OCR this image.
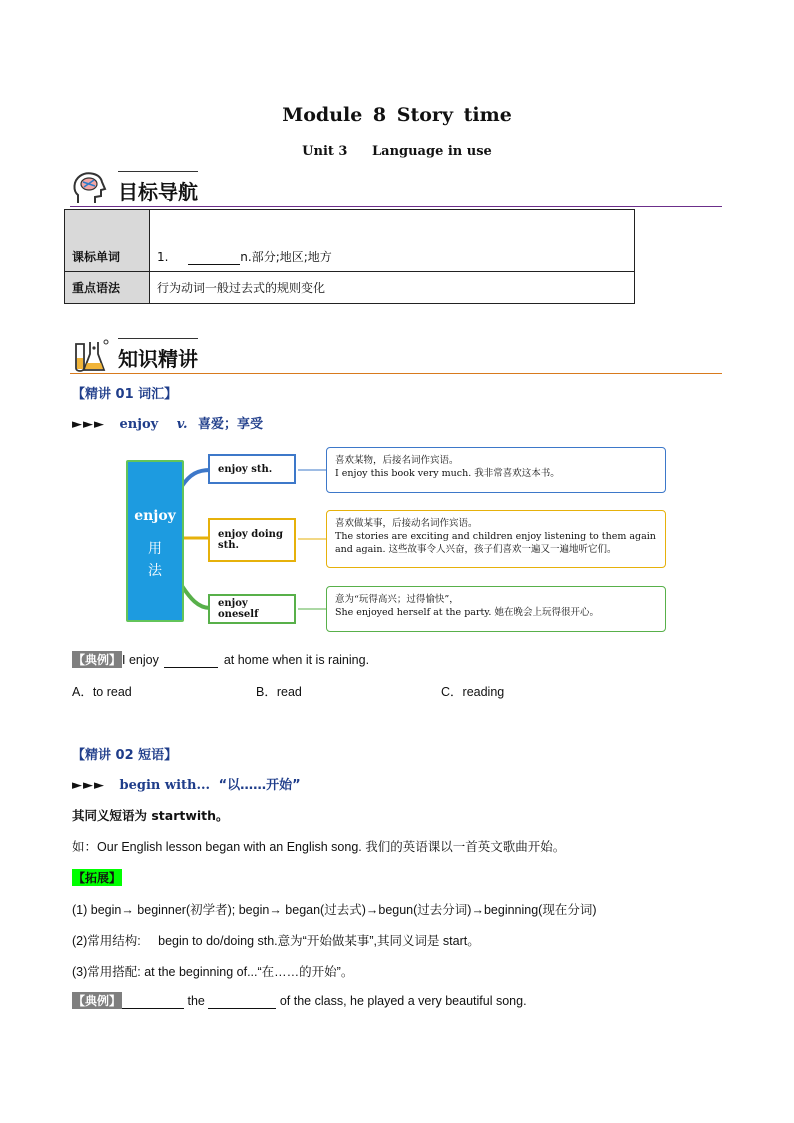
Module 8 Story time
Unit 3 Language in use
目标导航
课标单词	1. n.部分;地区;地方
重点语法	行为动词一般过去式的规则变化
知识精讲
【精讲 01 词汇】
►►► enjoy v. 喜爱；享受
enjoy
用
法
enjoy sth.
enjoy doing sth.
enjoy oneself
喜欢某物，后接名词作宾语。
I enjoy this book very much. 我非常喜欢这本书。
喜欢做某事，后接动名词作宾语。
The stories are exciting and children enjoy listening to them again and again. 这些故事令人兴奋，孩子们喜欢一遍又一遍地听它们。
意为“玩得高兴；过得愉快”，
She enjoyed herself at the party. 她在晚会上玩得很开心。
【典例】I enjoy	at home when it is raining.
A．to read	B．read	C．reading
【精讲 02 短语】
►►► begin with... “以……开始”
其同义短语为 startwith。
如：Our English lesson began with an English song. 我们的英语课以一首英文歌曲开始。
【拓展】
(1) begin→ beginner(初学者); begin→ began(过去式)→begun(过去分词)→beginning(现在分词)
(2)常用结构:     begin to do/doing sth.意为“开始做某事”,其同义词是 start。
(3)常用搭配: at the beginning of...“在……的开始”。
【典例】	the	of the class, he played a very beautiful song.
